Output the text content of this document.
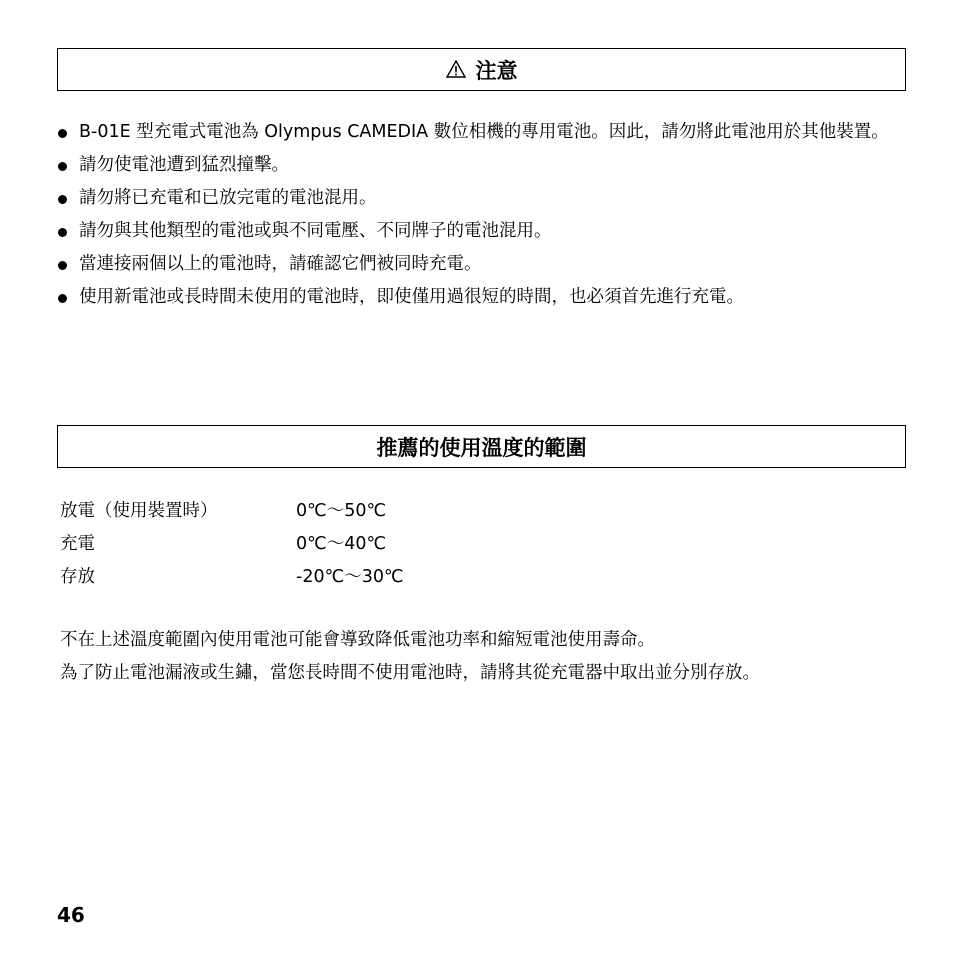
注意
B-01E 型充電式電池為 Olympus CAMEDIA 數位相機的專用電池。因此，請勿將此電池用於其他裝置。
請勿使電池遭到猛烈撞擊。
請勿將已充電和已放完電的電池混用。
請勿與其他類型的電池或與不同電壓、不同牌子的電池混用。
當連接兩個以上的電池時，請確認它們被同時充電。
使用新電池或長時間未使用的電池時，即使僅用過很短的時間，也必須首先進行充電。
推薦的使用溫度的範圍
放電（使用裝置時）	0℃～50℃
充電	0℃～40℃
存放	-20℃～30℃

不在上述溫度範圍內使用電池可能會導致降低電池功率和縮短電池使用壽命。

為了防止電池漏液或生鏽，當您長時間不使用電池時，請將其從充電器中取出並分別存放。

46
